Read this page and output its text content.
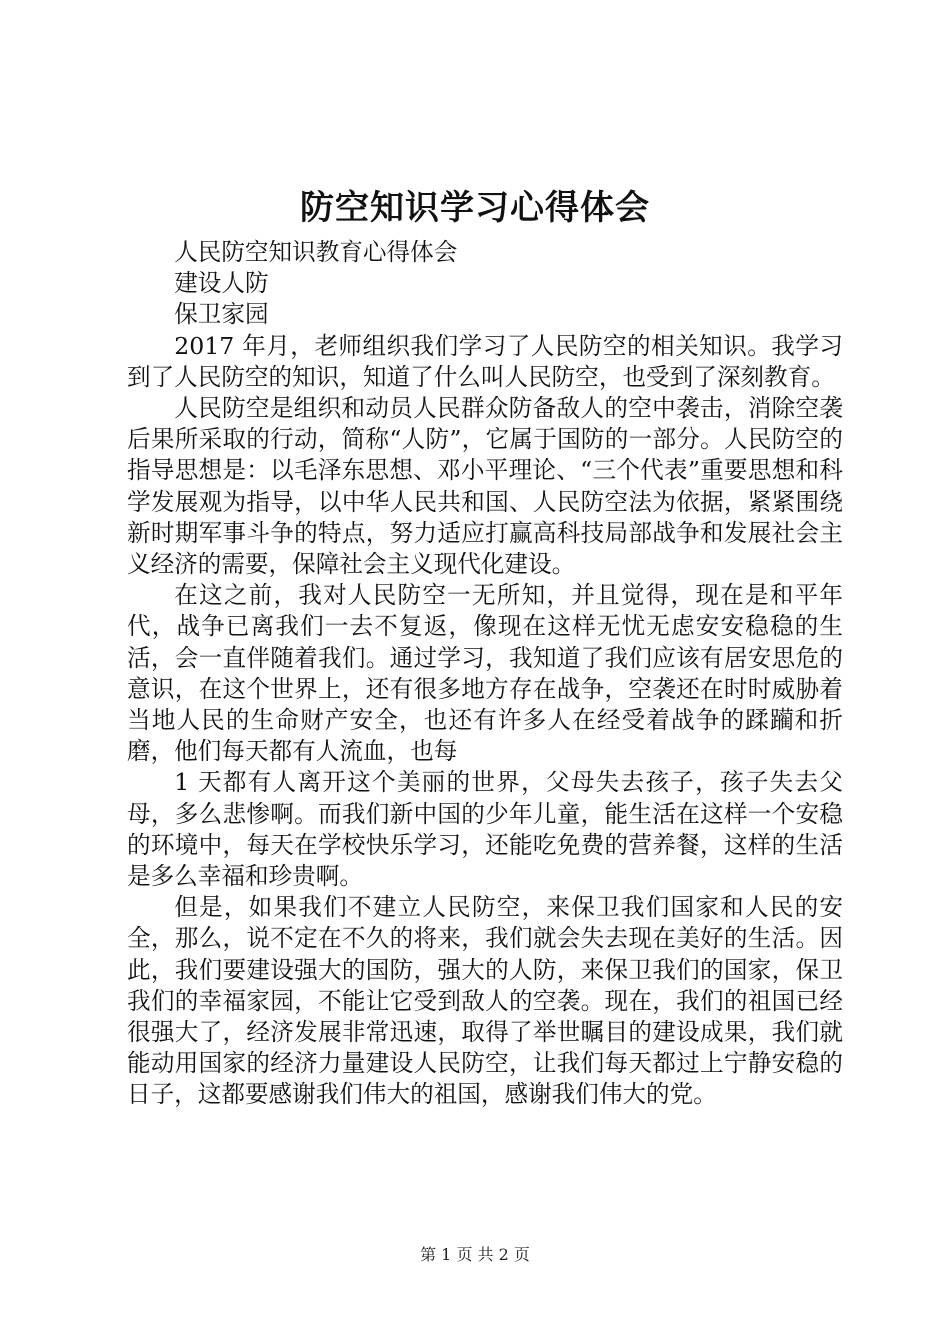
防空知识学习心得体会

人民防空知识教育心得体会

建设人防

保卫家园

2017 年月，老师组织我们学习了人民防空的相关知识。我学习到了人民防空的知识，知道了什么叫人民防空，也受到了深刻教育。

人民防空是组织和动员人民群众防备敌人的空中袭击，消除空袭后果所采取的行动，简称“人防”，它属于国防的一部分。人民防空的指导思想是：以毛泽东思想、邓小平理论、“三个代表”重要思想和科学发展观为指导，以中华人民共和国、人民防空法为依据，紧紧围绕新时期军事斗争的特点，努力适应打赢高科技局部战争和发展社会主义经济的需要，保障社会主义现代化建设。

在这之前，我对人民防空一无所知，并且觉得，现在是和平年代，战争已离我们一去不复返，像现在这样无忧无虑安安稳稳的生活，会一直伴随着我们。通过学习，我知道了我们应该有居安思危的意识，在这个世界上，还有很多地方存在战争，空袭还在时时威胁着当地人民的生命财产安全，也还有许多人在经受着战争的蹂躏和折磨，他们每天都有人流血，也每

1 天都有人离开这个美丽的世界，父母失去孩子，孩子失去父母，多么悲惨啊。而我们新中国的少年儿童，能生活在这样一个安稳的环境中，每天在学校快乐学习，还能吃免费的营养餐，这样的生活是多么幸福和珍贵啊。

但是，如果我们不建立人民防空，来保卫我们国家和人民的安全，那么，说不定在不久的将来，我们就会失去现在美好的生活。因此，我们要建设强大的国防，强大的人防，来保卫我们的国家，保卫我们的幸福家园，不能让它受到敌人的空袭。现在，我们的祖国已经很强大了，经济发展非常迅速，取得了举世瞩目的建设成果，我们就能动用国家的经济力量建设人民防空，让我们每天都过上宁静安稳的日子，这都要感谢我们伟大的祖国，感谢我们伟大的党。

第 1 页 共 2 页
